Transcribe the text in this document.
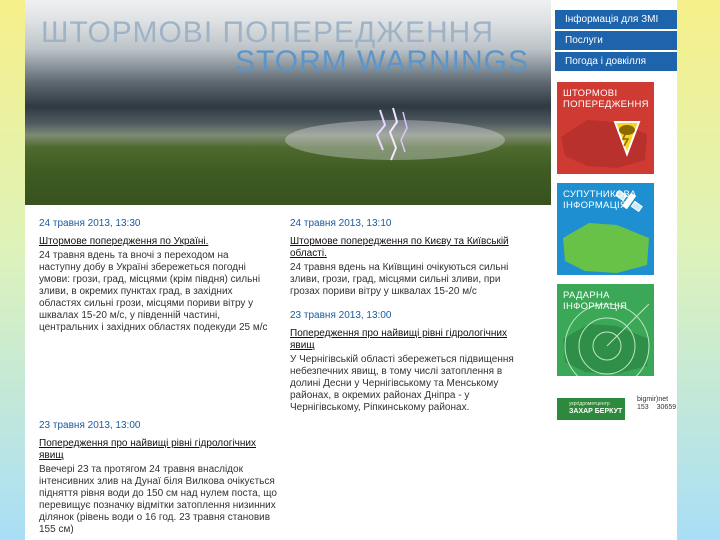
ШТОРМОВІ ПОПЕРЕДЖЕННЯ
STORM WARNINGS
24 травня 2013, 13:30
Штормове попередження по Україні.
24 травня вдень та вночі з переходом на наступну добу в Україні збережеться погодні умови: грози, град, місцями (крім півдня) сильні зливи, в окремих пунктах град, в західних областях сильні грози, місцями пориви вітру у шквалах 15-20 м/с, у південній частині, центральних і західних областях подекуди 25 м/с
24 травня 2013, 13:10
Штормове попередження по Києву та Київській області.
24 травня вдень на Київщині очікуються сильні зливи, грози, град, місцями сильні зливи, при грозах пориви вітру у шквалах 15-20 м/с
23 травня 2013, 13:00
Попередження про найвищі рівні гідрологічних явищ
У Чернігівській області збережеться підвищення небезпечних явищ, в тому числі затоплення в долині Десни у Чернігівському та Менському районах, в окремих районах Дніпра - у Чернігівському, Ріпкинському районах.
23 травня 2013, 13:00
Попередження про найвищі рівні гідрологічних явищ
Ввечері 23 та протягом 24 травня внаслідок інтенсивних злив на Дунаї біля Вилкова очікується підняття рівня води до 150 см над нулем поста, що перевищує позначку відмітки затоплення низинних ділянок (рівень води о 16 год. 23 травня становив 155 см)
Інформація для ЗМІ
Послуги
Погода і довкілля
ШТОРМОВІ
ПОПЕРЕДЖЕННЯ
СУПУТНИКОВА
ІНФОРМАЦІЯ
РАДАРНА
ІНФОРМАЦІЯ
укргідрометцентр
ЗАХАР БЕРКУТ
bigmir)net
153 30659
